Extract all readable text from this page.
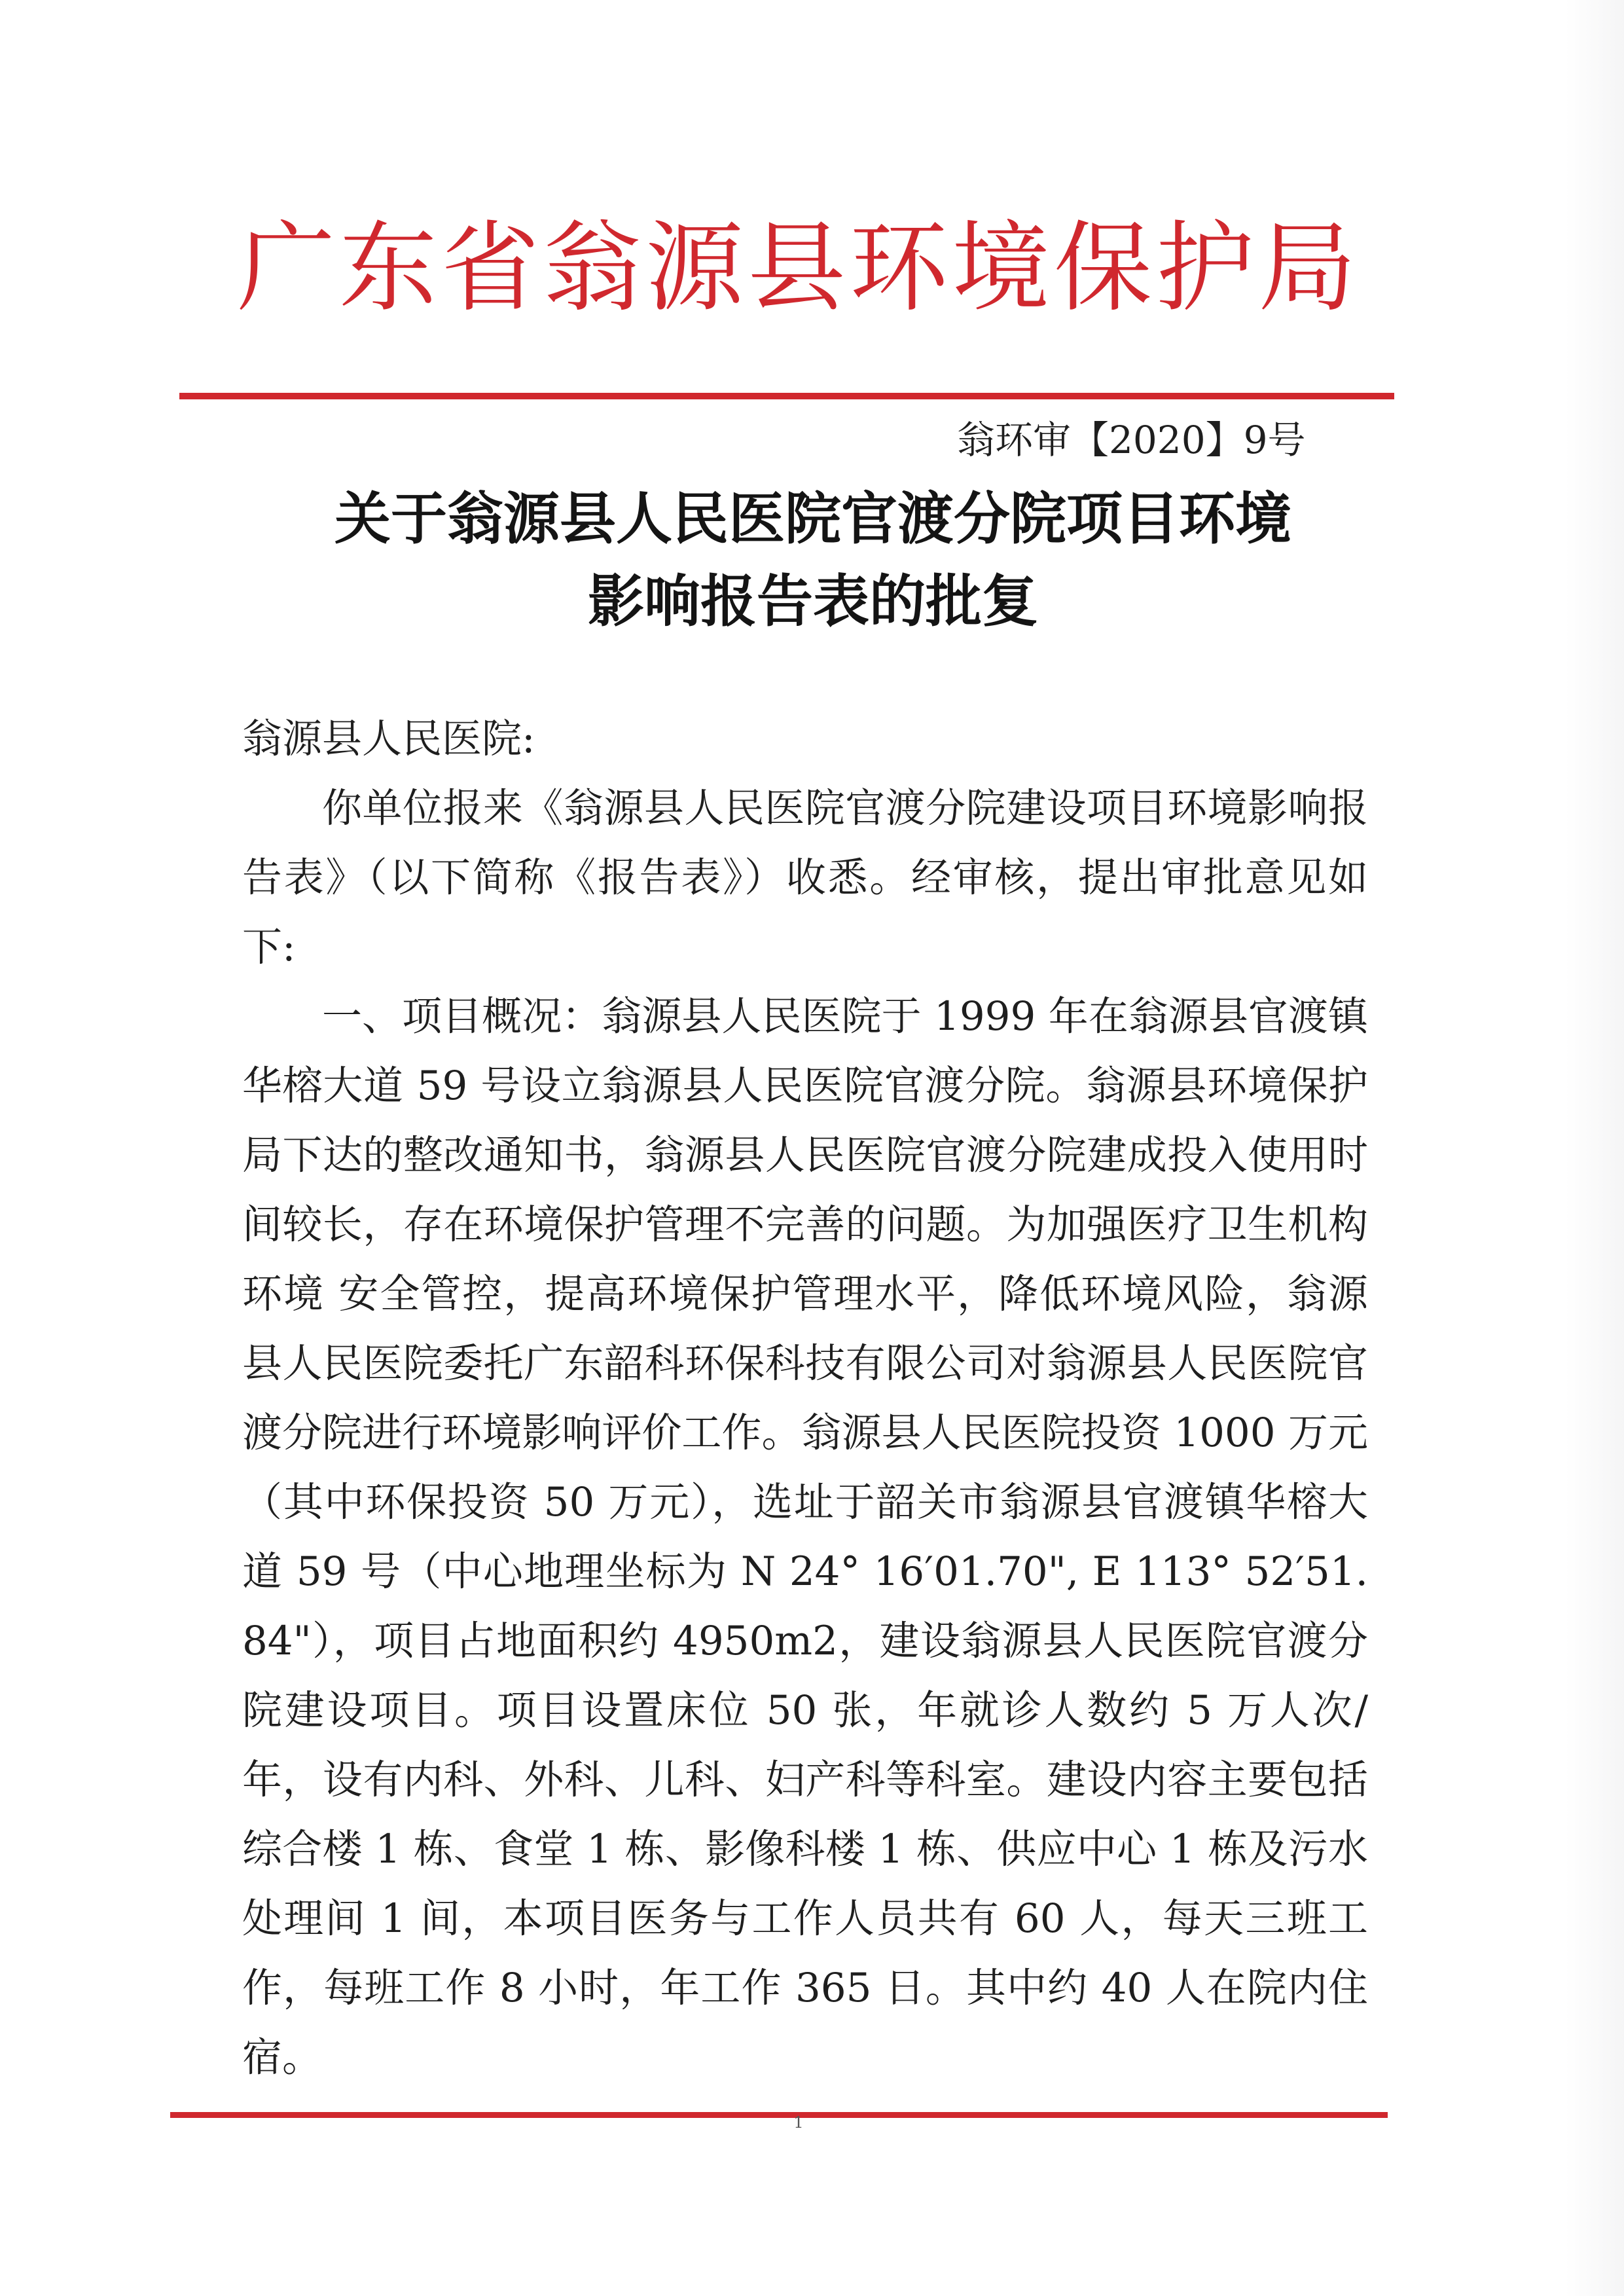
广东省翁源县环境保护局
翁环审【2020】9号
关于翁源县人民医院官渡分院项目环境
影响报告表的批复

翁源县人民医院:

你单位报来《翁源县人民医院官渡分院建设项目环境影响报告表》（以下简称《报告表》）收悉。经审核，提出审批意见如下:

一、项目概况：翁源县人民医院于 1999 年在翁源县官渡镇华榕大道 59 号设立翁源县人民医院官渡分院。翁源县环境保护局下达的整改通知书，翁源县人民医院官渡分院建成投入使用时间较长，存在环境保护管理不完善的问题。为加强医疗卫生机构环境 安全管控，提高环境保护管理水平，降低环境风险，翁源县人民医院委托广东韶科环保科技有限公司对翁源县人民医院官渡分院进行环境影响评价工作。翁源县人民医院投资 1000 万元（其中环保投资 50 万元），选址于韶关市翁源县官渡镇华榕大道 59 号（中心地理坐标为 N 24° 16′01.70", E 113° 52′51.84"），项目占地面积约 4950m2，建设翁源县人民医院官渡分院建设项目。项目设置床位 50 张，年就诊人数约 5 万人次/年，设有内科、外科、儿科、妇产科等科室。建设内容主要包括综合楼 1 栋、食堂 1 栋、影像科楼 1 栋、供应中心 1 栋及污水处理间 1 间，本项目医务与工作人员共有 60 人，每天三班工作，每班工作 8 小时，年工作 365 日。其中约 40 人在院内住宿。

1
